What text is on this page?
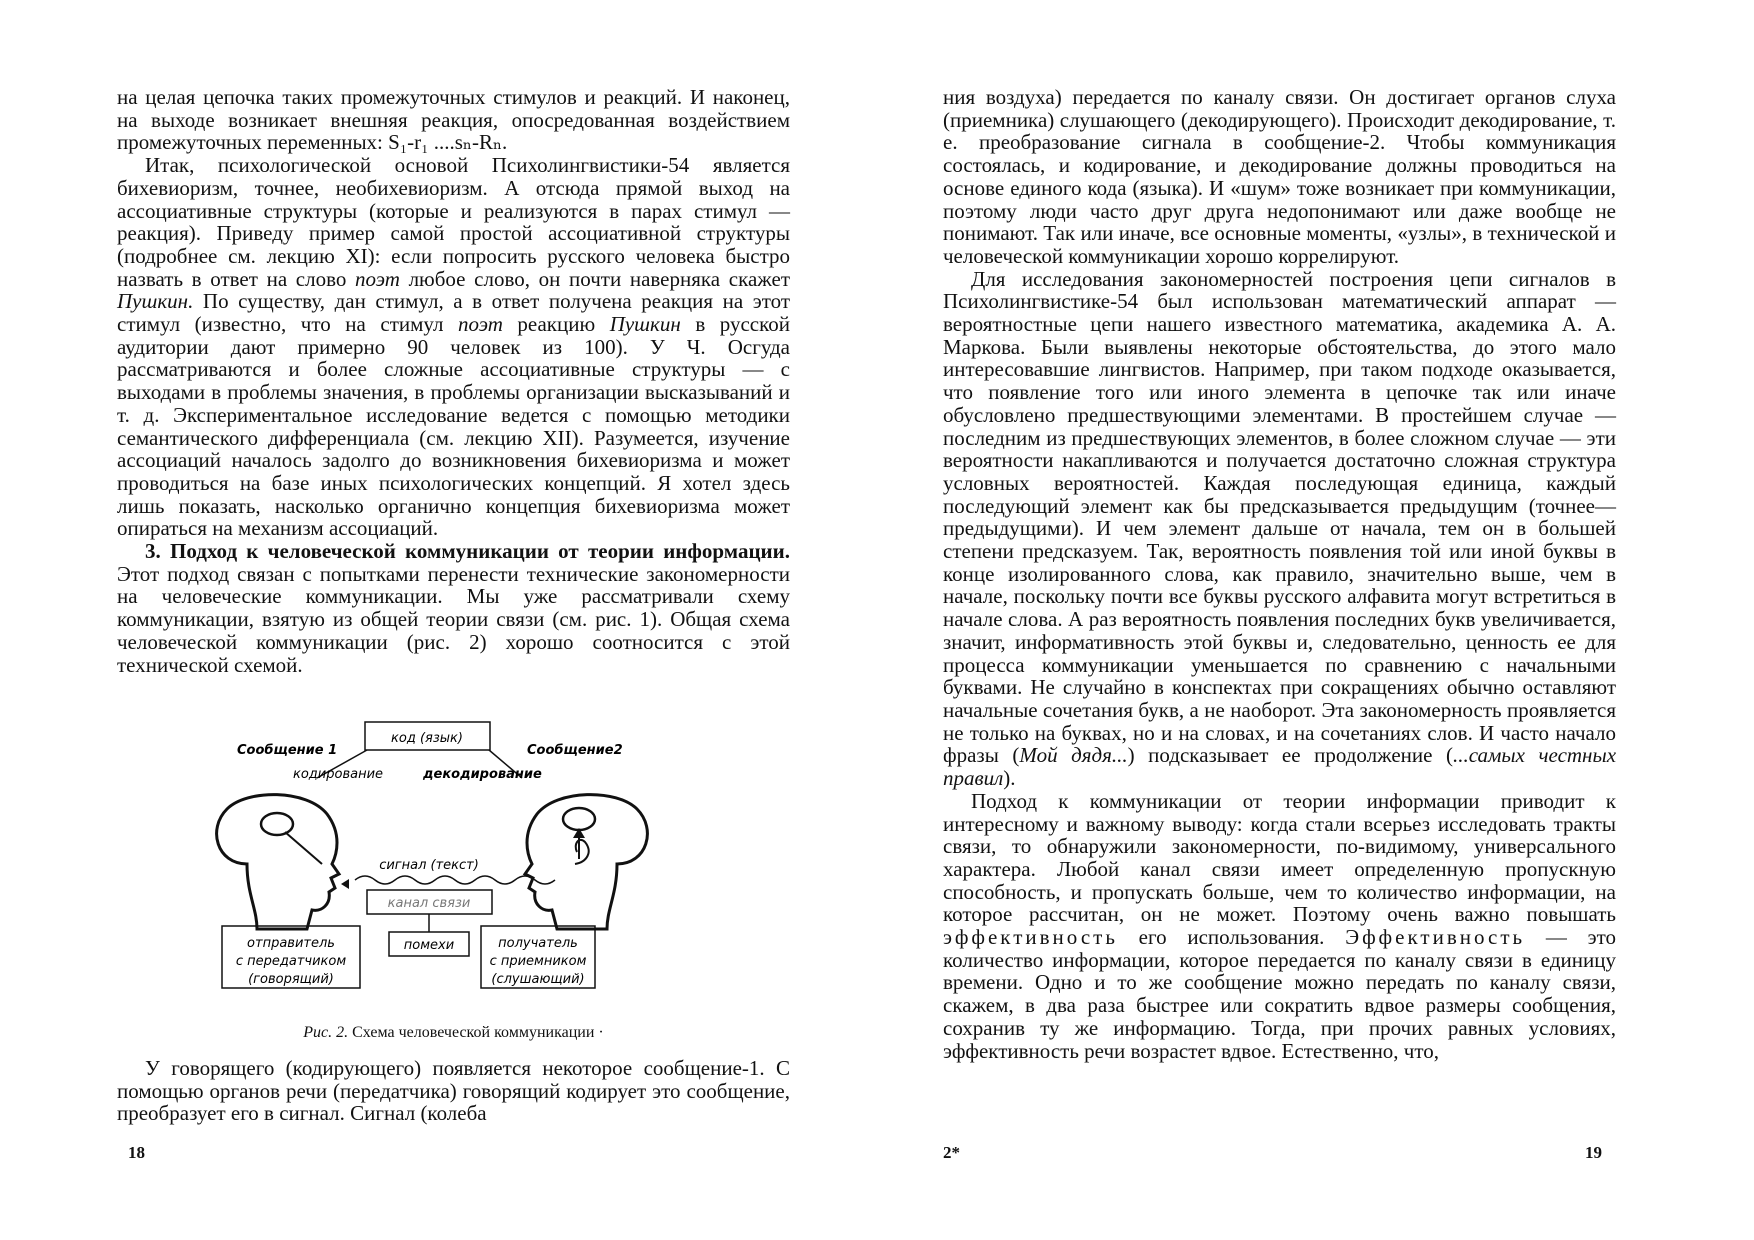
на целая цепочка таких промежуточных стимулов и реакций. И наконец, на выходе возникает внешняя реакция, опосредованная воздействием промежуточных переменных: S₁-r₁ ....sₙ-Rₙ.

Итак, психологической основой Психолингвистики-54 является бихевиоризм, точнее, необихевиоризм. А отсюда прямой выход на ассоциативные структуры (которые и реализуются в парах стимул — реакция). Приведу пример самой простой ассоциативной структуры (подробнее см. лекцию XI): если попросить русского человека быстро назвать в ответ на слово поэт любое слово, он почти наверняка скажет Пушкин. По существу, дан стимул, а в ответ получена реакция на этот стимул (известно, что на стимул поэт реакцию Пушкин в русской аудитории дают примерно 90 человек из 100). У Ч. Осгуда рассматриваются и более сложные ассоциативные структуры — с выходами в проблемы значения, в проблемы организации высказываний и т. д. Экспериментальное исследование ведется с помощью методики семантического дифференциала (см. лекцию XII). Разумеется, изучение ассоциаций началось задолго до возникновения бихевиоризма и может проводиться на базе иных психологических концепций. Я хотел здесь лишь показать, насколько органично концепция бихевиоризма может опираться на механизм ассоциаций.

3. Подход к человеческой коммуникации от теории информации. Этот подход связан с попытками перенести технические закономерности на человеческие коммуникации. Мы уже рассматривали схему коммуникации, взятую из общей теории связи (см. рис. 1). Общая схема человеческой коммуникации (рис. 2) хорошо соотносится с этой технической схемой.

код (язык)
Сообщение 1	Сообщение2
кодирование	декодирование
сигнал (текст)
канал связи
помехи
отправитель
с передатчиком
(говорящий)
получатель
с приемником
(слушающий)
Рис. 2. Схема человеческой коммуникации ·

У говорящего (кодирующего) появляется некоторое сообщение-1. С помощью органов речи (передатчика) говорящий кодирует это сообщение, преобразует его в сигнал. Сигнал (колеба

18

ния воздуха) передается по каналу связи. Он достигает органов слуха (приемника) слушающего (декодирующего). Происходит декодирование, т. е. преобразование сигнала в сообщение-2. Чтобы коммуникация состоялась, и кодирование, и декодирование должны проводиться на основе единого кода (языка). И «шум» тоже возникает при коммуникации, поэтому люди часто друг друга недопонимают или даже вообще не понимают. Так или иначе, все основные моменты, «узлы», в технической и человеческой коммуникации хорошо коррелируют.

Для исследования закономерностей построения цепи сигналов в Психолингвистике-54 был использован математический аппарат — вероятностные цепи нашего известного математика, академика А. А. Маркова. Были выявлены некоторые обстоятельства, до этого мало интересовавшие лингвистов. Например, при таком подходе оказывается, что появление того или иного элемента в цепочке так или иначе обусловлено предшествующими элементами. В простейшем случае — последним из предшествующих элементов, в более сложном случае — эти вероятности накапливаются и получается достаточно сложная структура условных вероятностей. Каждая последующая единица, каждый последующий элемент как бы предсказывается предыдущим (точнее—предыдущими). И чем элемент дальше от начала, тем он в большей степени предсказуем. Так, вероятность появления той или иной буквы в конце изолированного слова, как правило, значительно выше, чем в начале, поскольку почти все буквы русского алфавита могут встретиться в начале слова. А раз вероятность появления последних букв увеличивается, значит, информативность этой буквы и, следовательно, ценность ее для процесса коммуникации уменьшается по сравнению с начальными буквами. Не случайно в конспектах при сокращениях обычно оставляют начальные сочетания букв, а не наоборот. Эта закономерность проявляется не только на буквах, но и на словах, и на сочетаниях слов. И часто начало фразы (Мой дядя...) подсказывает ее продолжение (...самых честных правил).

Подход к коммуникации от теории информации приводит к интересному и важному выводу: когда стали всерьез исследовать тракты связи, то обнаружили закономерности, по-видимому, универсального характера. Любой канал связи имеет определенную пропускную способность, и пропускать больше, чем то количество информации, на которое рассчитан, он не может. Поэтому очень важно повышать эффективность его использования. Эффективность — это количество информации, которое передается по каналу связи в единицу времени. Одно и то же сообщение можно передать по каналу связи, скажем, в два раза быстрее или сократить вдвое размеры сообщения, сохранив ту же информацию. Тогда, при прочих равных условиях, эффективность речи возрастет вдвое. Естественно, что,

2*	19
